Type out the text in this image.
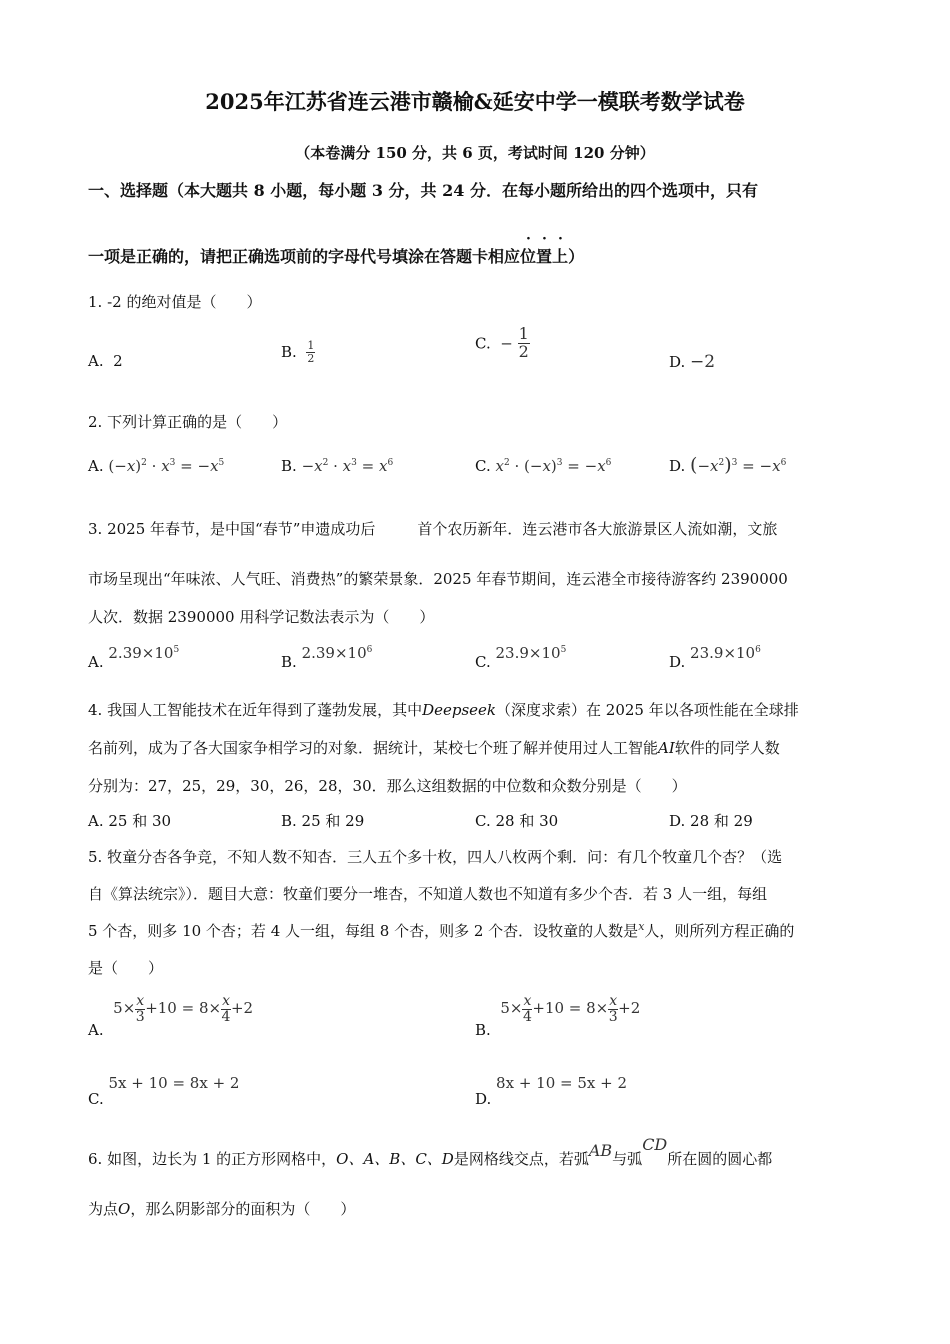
2025年江苏省连云港市赣榆&延安中学一模联考数学试卷
（本卷满分 150 分，共 6 页，考试时间 120 分钟）
一、选择题（本大题共 8 小题，每小题 3 分，共 24 分．在每小题所给出的四个选项中，只有
一项是正确的，请把正确选项前的字母代号填涂在答题卡相应
·
位
·
置
·
上）
1. -2 的绝对值是（　　）
A. 2	B. $\frac{1}{2}$	C. − $\frac{1}{2}$
D. −2
2. 下列计算正确的是（　　）
A. $(-x)^2 \cdot x^3 = -x^5$	B. $-x^2 \cdot x^3 = x^6$	C. $x^2 \cdot (-x)^3 = -x^6$	D. $(-x^2)^3 = -x^6$
3. 2025 年春节，是中国“春节”申遗成功后	首个农历新年．连云港市各大旅游景区人流如潮，文旅
市场呈现出“年味浓、人气旺、消费热”的繁荣景象．2025 年春节期间，连云港全市接待游客约 2390000
人次．数据 2390000 用科学记数法表示为（　　）
A. $2.39\times 10^5$
B. $2.39\times 10^6$
C. $23.9\times 10^5$
D. $23.9\times 10^6$
4. 我国人工智能技术在近年得到了蓬勃发展，其中Deepseek（深度求索）在 2025 年以各项性能在全球排
名前列，成为了各大国家争相学习的对象．据统计，某校七个班了解并使用过人工智能AI软件的同学人数
分别为：27，25，29，30，26，28，30．那么这组数据的中位数和众数分别是（　　）
A. 25 和 30	B. 25 和 29	C. 28 和 30	D. 28 和 29
5. 牧童分杏各争竞，不知人数不知杏．三人五个多十枚，四人八枚两个剩．问：有几个牧童几个杏？（选
自《算法统宗》）．题目大意：牧童们要分一堆杏，不知道人数也不知道有多少个杏．若 3 人一组，每组
5 个杏，则多 10 个杏；若 4 人一组，每组 8 个杏，则多 2 个杏．设牧童的人数是$^x$人，则所列方程正确的
是（　　）
A.  $5\times \frac{x}{3} +10 = 8\times \frac{x}{4} +2$
B.  $5\times \frac{x}{4} +10 = 8\times \frac{x}{3} +2$
C. 5x + 10 = 8x + 2
D. 8x + 10 = 5x + 2
6. 如图，边长为 1 的正方形网格中，O、A、B、C、D是网格线交点，若弧AB与弧CD所在圆的圆心都
为点O，那么阴影部分的面积为（　　）
